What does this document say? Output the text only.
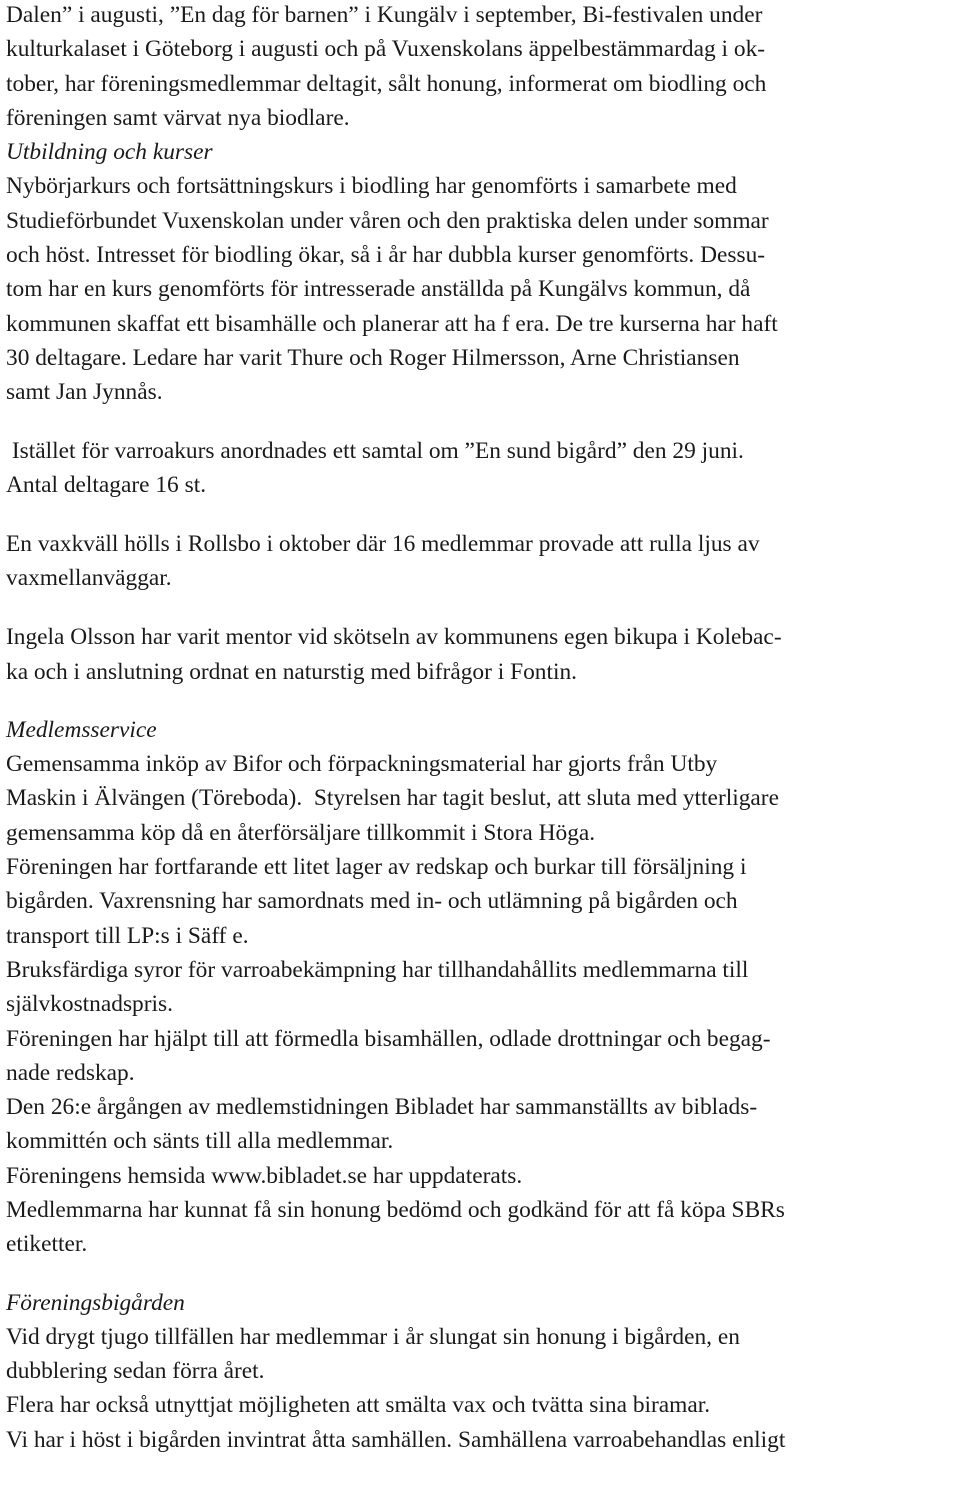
Dalen” i augusti, ”En dag för barnen” i Kungälv i september, Bi-festivalen under
kulturkalaset i Göteborg i augusti och på Vuxenskolans äppelbestämmardag i ok-
tober, har föreningsmedlemmar deltagit, sålt honung, informerat om biodling och
föreningen samt värvat nya biodlare.
Utbildning och kurser
Nybörjarkurs och fortsättningskurs i biodling har genomförts i samarbete med
Studieförbundet Vuxenskolan under våren och den praktiska delen under sommar
och höst. Intresset för biodling ökar, så i år har dubbla kurser genomförts. Dessu-
tom har en kurs genomförts för intresserade anställda på Kungälvs kommun, då
kommunen skaffat ett bisamhälle och planerar att ha f era. De tre kurserna har haft
30 deltagare. Ledare har varit Thure och Roger Hilmersson, Arne Christiansen
samt Jan Jynnås.
Istället för varroakurs anordnades ett samtal om ”En sund bigård” den 29 juni.
Antal deltagare 16 st.
En vaxkväll hölls i Rollsbo i oktober där 16 medlemmar provade att rulla ljus av
vaxmellanväggar.
Ingela Olsson har varit mentor vid skötseln av kommunens egen bikupa i Kolebac-
ka och i anslutning ordnat en naturstig med bifrågor i Fontin.
Medlemsservice
Gemensamma inköp av Bifor och förpackningsmaterial har gjorts från Utby
Maskin i Älvängen (Töreboda).  Styrelsen har tagit beslut, att sluta med ytterligare
gemensamma köp då en återförsäljare tillkommit i Stora Höga.
Föreningen har fortfarande ett litet lager av redskap och burkar till försäljning i
bigården. Vaxrensning har samordnats med in- och utlämning på bigården och
transport till LP:s i Säff e.
Bruksfärdiga syror för varroabekämpning har tillhandahållits medlemmarna till
självkostnadspris.
Föreningen har hjälpt till att förmedla bisamhällen, odlade drottningar och begag-
nade redskap.
Den 26:e årgången av medlemstidningen Bibladet har sammanställts av biblads-
kommittén och sänts till alla medlemmar.
Föreningens hemsida www.bibladet.se har uppdaterats.
Medlemmarna har kunnat få sin honung bedömd och godkänd för att få köpa SBRs
etiketter.
Föreningsbigården
Vid drygt tjugo tillfällen har medlemmar i år slungat sin honung i bigården, en
dubblering sedan förra året.
Flera har också utnyttjat möjligheten att smälta vax och tvätta sina biramar.
Vi har i höst i bigården invintrat åtta samhällen. Samhällena varroabehandlas enligt
